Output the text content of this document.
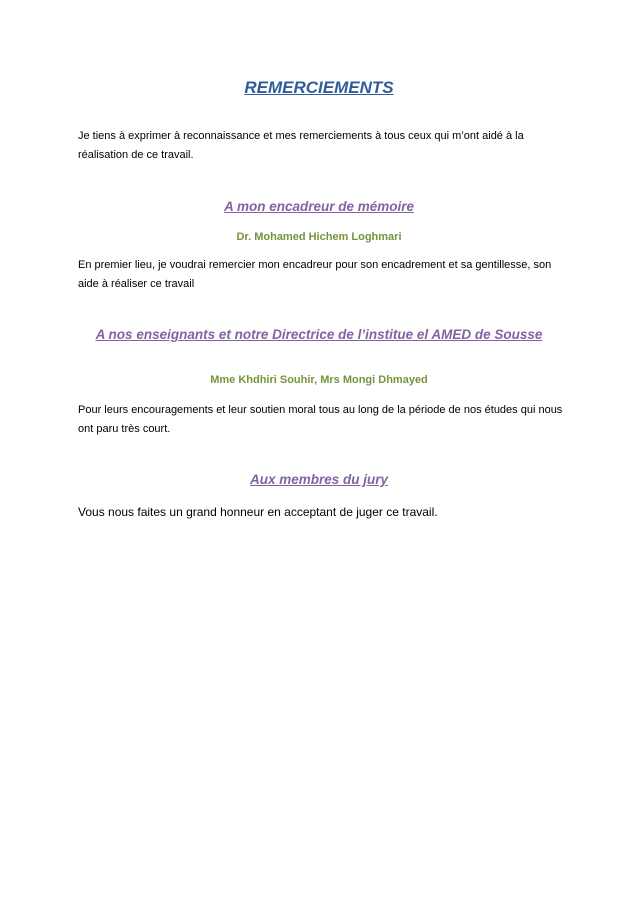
REMERCIEMENTS

Je tiens à exprimer à reconnaissance et mes remerciements à tous ceux qui m’ont aidé à la réalisation de ce travail.

A mon encadreur de mémoire

Dr. Mohamed Hichem Loghmari

En premier lieu, je voudrai remercier mon encadreur pour son encadrement et sa gentillesse, son aide à réaliser ce travail

A nos enseignants et notre Directrice de l’institue el AMED de Sousse

Mme Khdhiri Souhir, Mrs Mongi Dhmayed

Pour leurs encouragements et leur soutien moral tous au long de la période de nos études qui nous ont paru très court.

Aux membres du jury

Vous nous faites un grand honneur en acceptant de juger ce travail.
